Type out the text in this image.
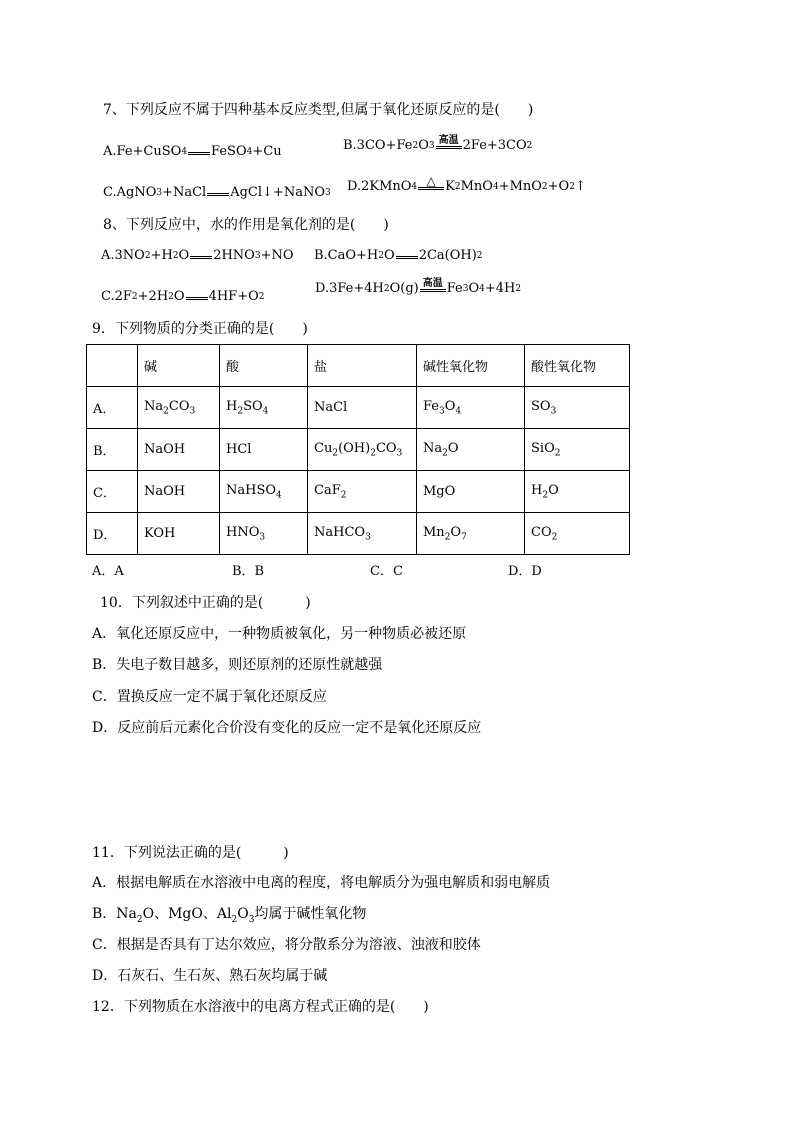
7、下列反应不属于四种基本反应类型,但属于氧化还原反应的是(　　)
A.Fe+CuSO 4 FeSO 4 +Cu	B.3CO+Fe 2 O 3 高温 2Fe+3CO 2
C.AgNO 3 +NaCl AgCl↓+NaNO 3 D.2KMnO 4 △ K 2 MnO 4 +MnO 2 +O 2 ↑
8、下列反应中，水的作用是氧化剂的是(　　)
A.3NO 2 +H 2 O 2HNO 3 +NO B.CaO+H 2 O 2Ca(OH) 2
C.2F 2 +2H 2 O 4HF+O 2
D.3Fe+4H 2 O(g) 高温 Fe 3 O 4 +4H 2
9．下列物质的分类正确的是(　　)
	碱	酸	盐	碱性氧化物	酸性氧化物
A．	$Na_2CO_3$	$H_2SO_4$	NaCl	$Fe_3O_4$	$SO_3$
B．	NaOH	HCl	$Cu_2(OH)_2CO_3$	$Na_2O$	SiO$_2$
C．	NaOH	NaHSO$_4$	CaF$_2$	MgO	$H_2O$
D．	KOH	$HNO_3$	NaHCO$_3$	$Mn_2O_7$	$CO_2$
A．A	B．B	C．C	D．D
10．下列叙述中正确的是(　　　)
A．氧化还原反应中，一种物质被氧化，另一种物质必被还原
B．失电子数目越多，则还原剂的还原性就越强
C．置换反应一定不属于氧化还原反应
D．反应前后元素化合价没有变化的反应一定不是氧化还原反应
11．下列说法正确的是(　　　)
A．根据电解质在水溶液中电离的程度，将电解质分为强电解质和弱电解质
B．$Na_2O$、MgO、$Al_2O_3$均属于碱性氧化物
C．根据是否具有丁达尔效应，将分散系分为溶液、浊液和胶体
D．石灰石、生石灰、熟石灰均属于碱
12．下列物质在水溶液中的电离方程式正确的是(　　)
